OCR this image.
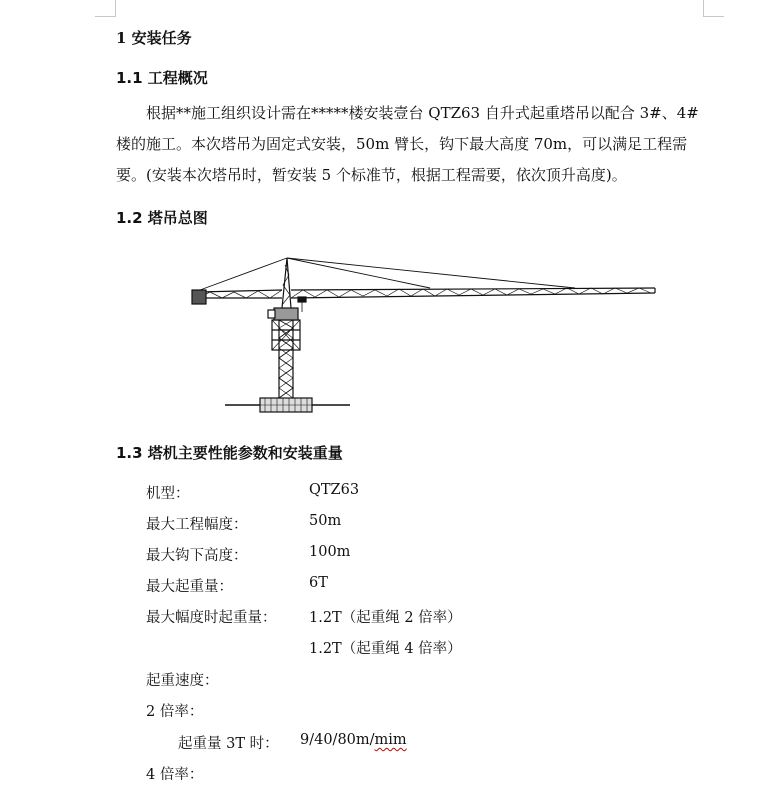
1 安装任务
1.1 工程概况

根据**施工组织设计需在*****楼安装壹台 QTZ63 自升式起重塔吊以配合 3#、4#
楼的施工。本次塔吊为固定式安装，50m 臂长，钩下最大高度 70m，可以满足工程需
要。(安装本次塔吊时，暂安装 5 个标准节，根据工程需要，依次顶升高度)。

1.2 塔吊总图
1.3 塔机主要性能参数和安装重量
机型：	QTZ63
最大工程幅度：	50m
最大钩下高度：	100m
最大起重量：	6T
最大幅度时起重量： 1.2T（起重绳 2 倍率）
1.2T（起重绳 4 倍率）
起重速度：
2 倍率：
起重量 3T 时： 9/40/80m/mim
4 倍率：
